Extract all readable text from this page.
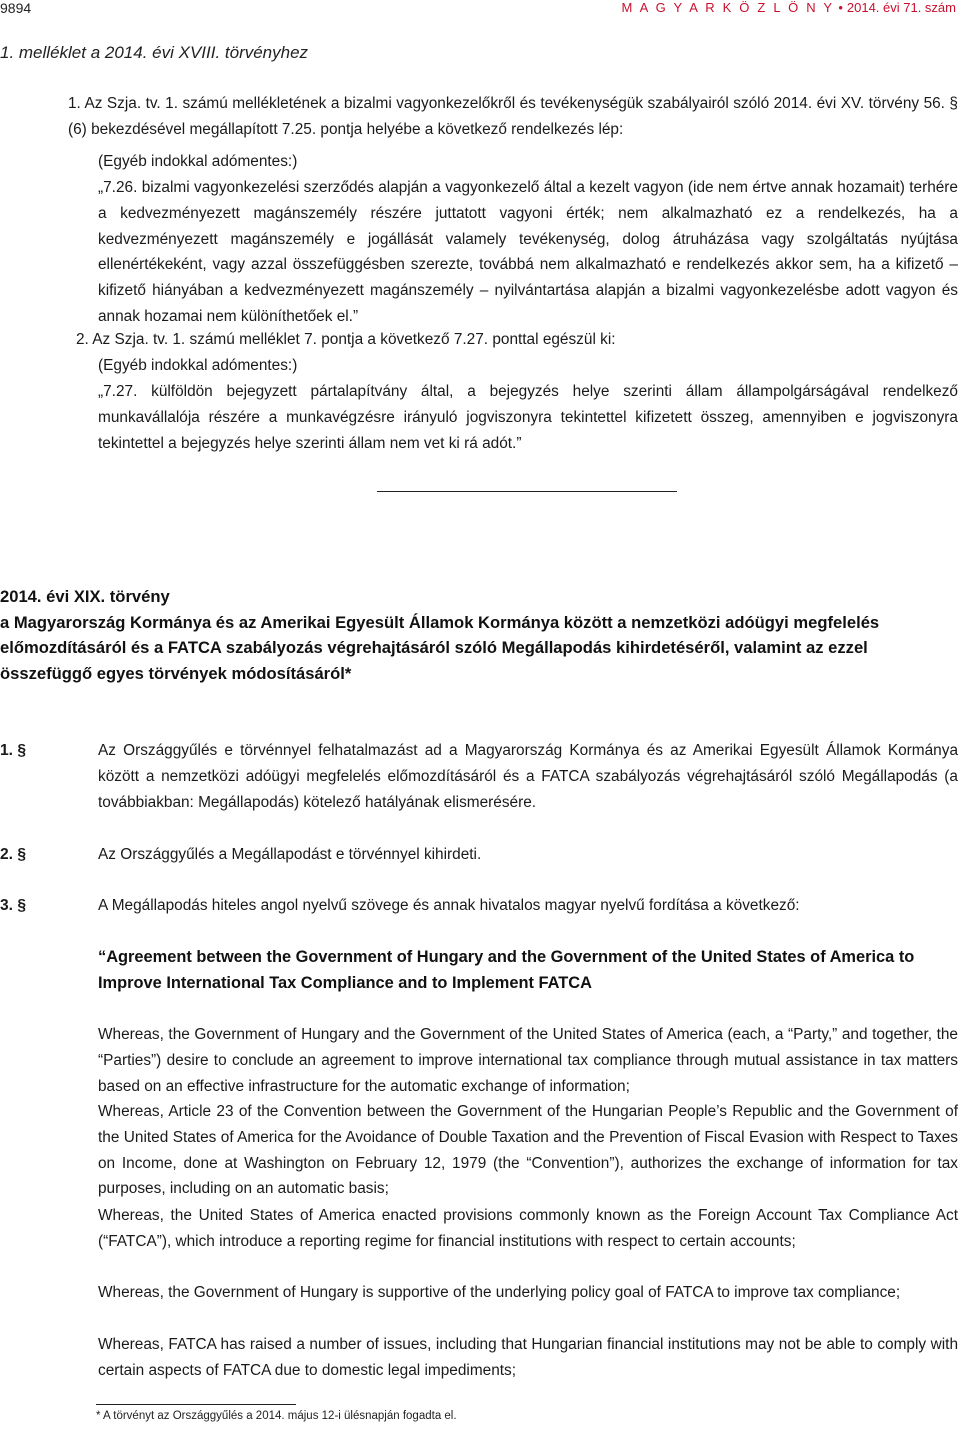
9894	M A G Y A R K Ö Z L Ö N Y • 2014. évi 71. szám
1. melléklet a 2014. évi XVIII. törvényhez
1. Az Szja. tv. 1. számú mellékletének a bizalmi vagyonkezelőkről és tevékenységük szabályairól szóló 2014. évi XV. törvény 56. § (6) bekezdésével megállapított 7.25. pontja helyébe a következő rendelkezés lép:
(Egyéb indokkal adómentes:)
„7.26. bizalmi vagyonkezelési szerződés alapján a vagyonkezelő által a kezelt vagyon (ide nem értve annak hozamait) terhére a kedvezményezett magánszemély részére juttatott vagyoni érték; nem alkalmazható ez a rendelkezés, ha a kedvezményezett magánszemély e jogállását valamely tevékenység, dolog átruházása vagy szolgáltatás nyújtása ellenértékeként, vagy azzal összefüggésben szerezte, továbbá nem alkalmazható e rendelkezés akkor sem, ha a kifizető – kifizető hiányában a kedvezményezett magánszemély – nyilvántartása alapján a bizalmi vagyonkezelésbe adott vagyon és annak hozamai nem különíthetőek el.”
2. Az Szja. tv. 1. számú melléklet 7. pontja a következő 7.27. ponttal egészül ki:
(Egyéb indokkal adómentes:)
„7.27. külföldön bejegyzett pártalapítvány által, a bejegyzés helye szerinti állam állampolgárságával rendelkező munkavállalója részére a munkavégzésre irányuló jogviszonyra tekintettel kifizetett összeg, amennyiben e jogviszonyra tekintettel a bejegyzés helye szerinti állam nem vet ki rá adót.”
2014. évi XIX. törvény
a Magyarország Kormánya és az Amerikai Egyesült Államok Kormánya között a nemzetközi adóügyi megfelelés előmozdításáról és a FATCA szabályozás végrehajtásáról szóló Megállapodás kihirdetéséről, valamint az ezzel összefüggő egyes törvények módosításáról*
1. §	Az Országgyűlés e törvénnyel felhatalmazást ad a Magyarország Kormánya és az Amerikai Egyesült Államok Kormánya között a nemzetközi adóügyi megfelelés előmozdításáról és a FATCA szabályozás végrehajtásáról szóló Megállapodás (a továbbiakban: Megállapodás) kötelező hatályának elismerésére.
2. §	Az Országgyűlés a Megállapodást e törvénnyel kihirdeti.
3. §	A Megállapodás hiteles angol nyelvű szövege és annak hivatalos magyar nyelvű fordítása a következő:
“Agreement between the Government of Hungary and the Government of the United States of America to Improve International Tax Compliance and to Implement FATCA
Whereas, the Government of Hungary and the Government of the United States of America (each, a “Party,” and together, the “Parties”) desire to conclude an agreement to improve international tax compliance through mutual assistance in tax matters based on an effective infrastructure for the automatic exchange of information;
Whereas, Article 23 of the Convention between the Government of the Hungarian People’s Republic and the Government of the United States of America for the Avoidance of Double Taxation and the Prevention of Fiscal Evasion with Respect to Taxes on Income, done at Washington on February 12, 1979 (the “Convention”), authorizes the exchange of information for tax purposes, including on an automatic basis;
Whereas, the United States of America enacted provisions commonly known as the Foreign Account Tax Compliance Act (“FATCA”), which introduce a reporting regime for financial institutions with respect to certain accounts;
Whereas, the Government of Hungary is supportive of the underlying policy goal of FATCA to improve tax compliance;
Whereas, FATCA has raised a number of issues, including that Hungarian financial institutions may not be able to comply with certain aspects of FATCA due to domestic legal impediments;
* A törvényt az Országgyűlés a 2014. május 12-i ülésnapján fogadta el.
